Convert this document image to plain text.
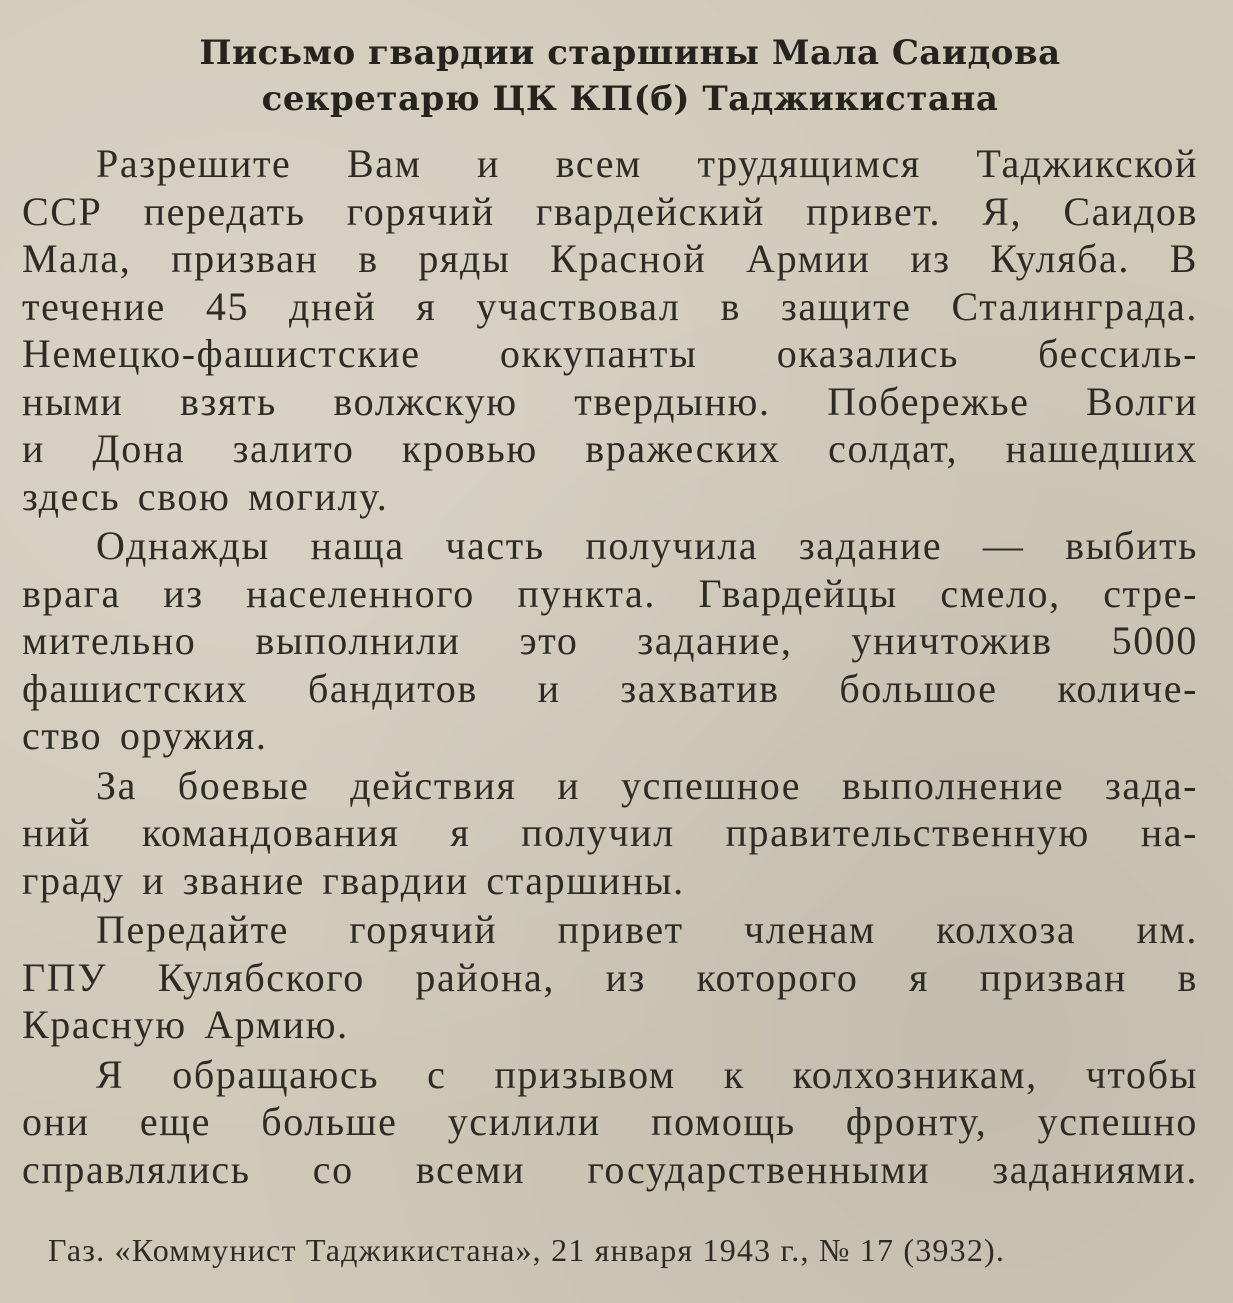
Письмо гвардии старшины Мала Саидова
секретарю ЦК КП(б) Таджикистана

Разрешите Вам и всем трудящимся Таджикской
ССР передать горячий гвардейский привет. Я, Саидов
Мала, призван в ряды Красной Армии из Куляба. В
течение 45 дней я участвовал в защите Сталинграда.
Немецко-фашистские оккупанты оказались бессиль-
ными взять волжскую твердыню. Побережье Волги
и Дона залито кровью вражеских солдат, нашедших
здесь свою могилу.

Однажды наща часть получила задание — выбить
врага из населенного пункта. Гвардейцы смело, стре-
мительно выполнили это задание, уничтожив 5000
фашистских бандитов и захватив большое количе-
ство оружия.

За боевые действия и успешное выполнение зада-
ний командования я получил правительственную на-
граду и звание гвардии старшины.

Передайте горячий привет членам колхоза им.
ГПУ Кулябского района, из которого я призван в
Красную Армию.

Я обращаюсь с призывом к колхозникам, чтобы
они еще больше усилили помощь фронту, успешно
справлялись со всеми государственными заданиями.

Газ. «Коммунист Таджикистана», 21 января 1943 г., № 17 (3932).
